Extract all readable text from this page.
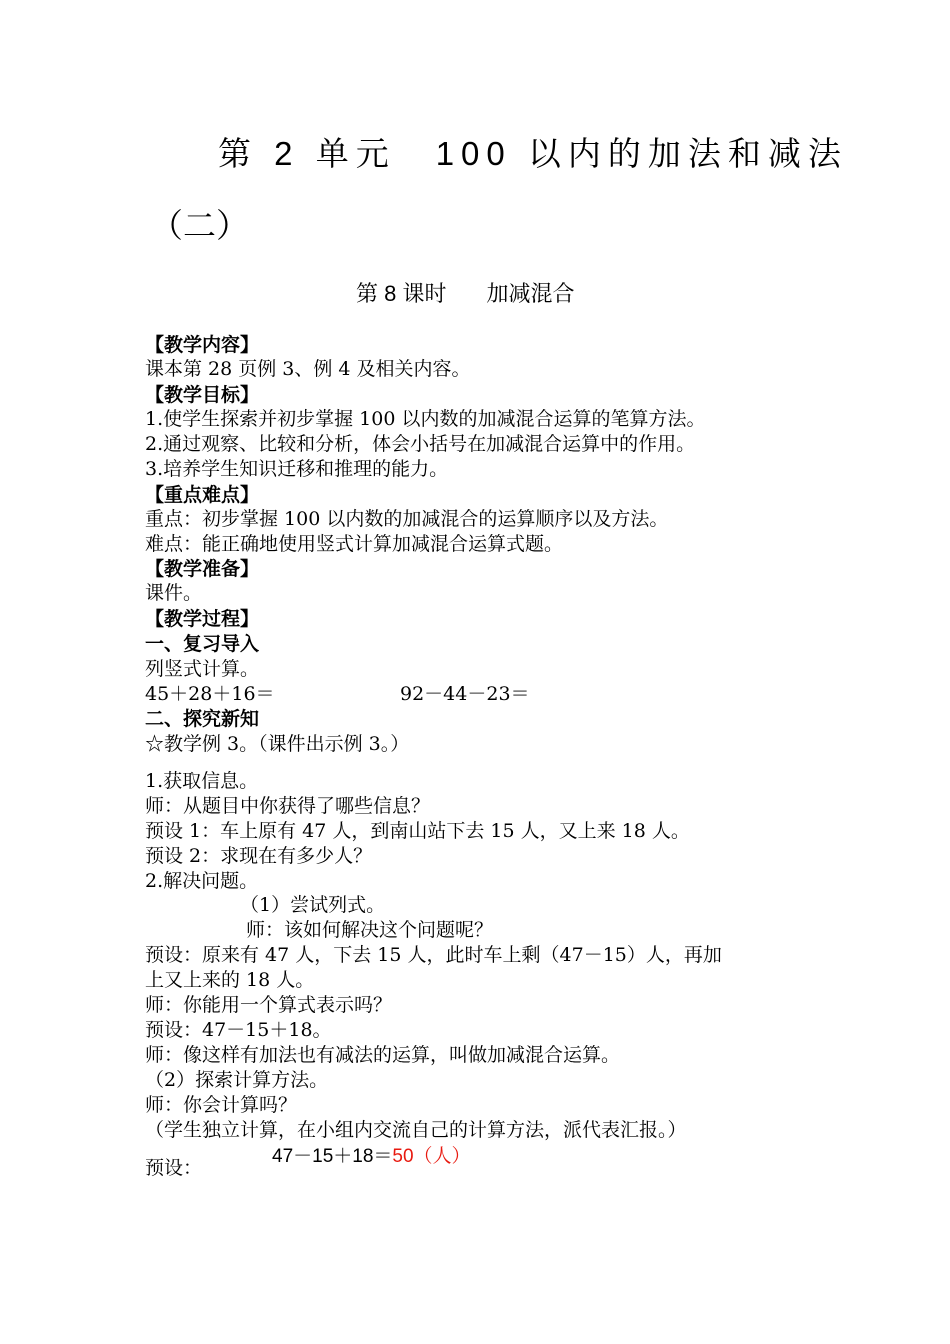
第 2 单元 100 以内的加法和减法
（二）
第 8 课时 加减混合
【教学内容】
课本第 28 页例 3、例 4 及相关内容。
【教学目标】
1.使学生探索并初步掌握 100 以内数的加减混合运算的笔算方法。
2.通过观察、比较和分析，体会小括号在加减混合运算中的作用。
3.培养学生知识迁移和推理的能力。
【重点难点】
重点：初步掌握 100 以内数的加减混合的运算顺序以及方法。
难点：能正确地使用竖式计算加减混合运算式题。
【教学准备】
课件。
【教学过程】
一、复习导入
列竖式计算。
45＋28＋16＝	92－44－23＝
二、探究新知
☆教学例 3。（课件出示例 3。）
1.获取信息。
师：从题目中你获得了哪些信息？
预设 1：车上原有 47 人，到南山站下去 15 人，又上来 18 人。
预设 2：求现在有多少人？
2.解决问题。
（1）尝试列式。
师：该如何解决这个问题呢？
预设：原来有 47 人，下去 15 人，此时车上剩（47－15）人，再加
上又上来的 18 人。
师：你能用一个算式表示吗？
预设：47－15＋18。
师：像这样有加法也有减法的运算，叫做加减混合运算。
（2）探索计算方法。
师：你会计算吗？
（学生独立计算，在小组内交流自己的计算方法，派代表汇报。）
预设：
47－15＋18＝50（人）
